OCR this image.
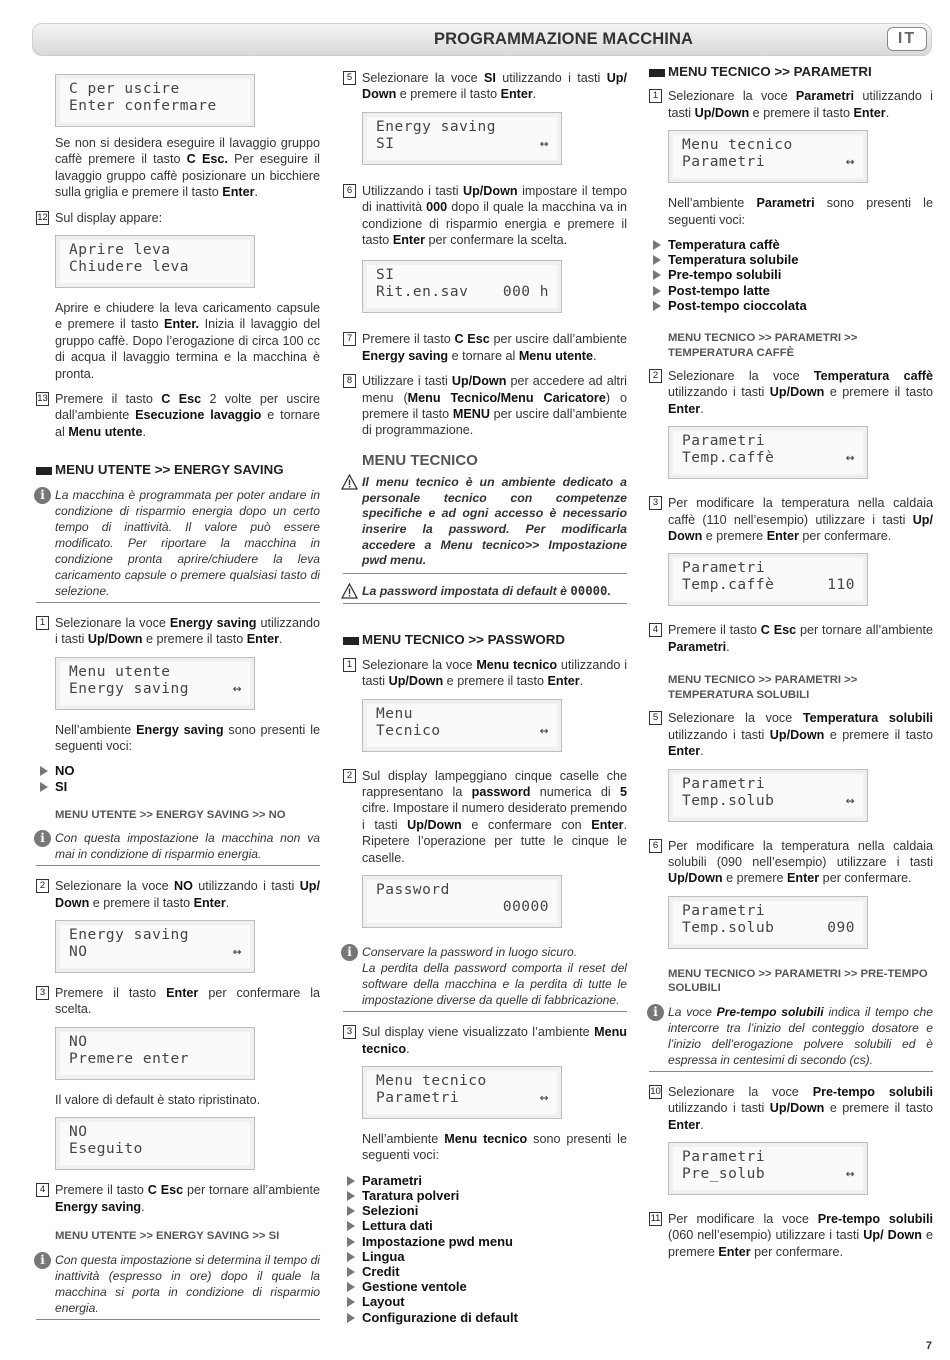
PROGRAMMAZIONE MACCHINA	IT
C per uscire
Enter confermare
Se non si desidera eseguire il lavaggio gruppo caffè premere il tasto C Esc. Per eseguire il lavaggio gruppo caffè posizionare un bicchiere sulla griglia e premere il tasto Enter.
12 Sul display appare:
Aprire leva
Chiudere leva
Aprire e chiudere la leva caricamento capsule e premere il tasto Enter. Inizia il lavaggio del gruppo caffè. Dopo l’erogazione di circa 100 cc di acqua il lavaggio termina e la macchina è pronta.
13 Premere il tasto C Esc 2 volte per uscire dall’ambiente Esecuzione lavaggio e tornare al Menu utente.
MENU UTENTE >> ENERGY SAVING
i La macchina è programmata per poter andare in condizione di risparmio energia dopo un certo tempo di inattività. Il valore può essere modificato. Per riportare la macchina in condizione pronta aprire/chiudere la leva caricamento capsule o premere qualsiasi tasto di selezione.
1 Selezionare la voce Energy saving utilizzando i tasti Up/Down e premere il tasto Enter.
Menu utente
Energy saving	↔
Nell’ambiente Energy saving sono presenti le seguenti voci:
NO
SI
MENU UTENTE >> ENERGY SAVING >> NO
i Con questa impostazione la macchina non va mai in condizione di risparmio energia.
2 Selezionare la voce NO utilizzando i tasti Up/ Down e premere il tasto Enter.
Energy saving
NO	↔
3 Premere il tasto Enter per confermare la scelta.
NO
Premere enter
Il valore di default è stato ripristinato.
NO
Eseguito
4 Premere il tasto C Esc per tornare all’ambiente Energy saving.
MENU UTENTE >> ENERGY SAVING >> SI
i Con questa impostazione si determina il tempo di inattività (espresso in ore) dopo il quale la macchina si porta in condizione di risparmio energia.
5 Selezionare la voce SI utilizzando i tasti Up/ Down e premere il tasto Enter.
Energy saving
SI	↔
6 Utilizzando i tasti Up/Down impostare il tempo di inattività 000 dopo il quale la macchina va in condizione di risparmio energia e premere il tasto Enter per confermare la scelta.
SI
Rit.en.sav 000 h
7 Premere il tasto C Esc per uscire dall’ambiente Energy saving e tornare al Menu utente.
8 Utilizzare i tasti Up/Down per accedere ad altri menu (Menu Tecnico/Menu Caricatore) o premere il tasto MENU per uscire dall’ambiente di programmazione.
MENU TECNICO
Il menu tecnico è un ambiente dedicato a personale tecnico con competenze specifiche e ad ogni accesso è necessario inserire la password. Per modificarla accedere a Menu tecnico>> Impostazione pwd menu.
La password impostata di default è 00000.
MENU TECNICO >> PASSWORD
1 Selezionare la voce Menu tecnico utilizzando i tasti Up/Down e premere il tasto Enter.
Menu
Tecnico	↔
2 Sul display lampeggiano cinque caselle che rappresentano la password numerica di 5 cifre. Impostare il numero desiderato premendo i tasti Up/Down e confermare con Enter. Ripetere l’operazione per tutte le cinque le caselle.
Password
00000
i Conservare la password in luogo sicuro.
La perdita della password comporta il reset del software della macchina e la perdita di tutte le impostazione diverse da quelle di fabbricazione.
3 Sul display viene visualizzato l’ambiente Menu tecnico.
Menu tecnico
Parametri	↔
Nell’ambiente Menu tecnico sono presenti le seguenti voci:
Parametri
Taratura polveri
Selezioni
Lettura dati
Impostazione pwd menu
Lingua
Credit
Gestione ventole
Layout
Configurazione di default
MENU TECNICO >> PARAMETRI
1 Selezionare la voce Parametri utilizzando i tasti Up/Down e premere il tasto Enter.
Menu tecnico
Parametri	↔
Nell’ambiente Parametri sono presenti le seguenti voci:
Temperatura caffè
Temperatura solubile
Pre-tempo solubili
Post-tempo latte
Post-tempo cioccolata
MENU TECNICO >> PARAMETRI >> TEMPERATURA CAFFÈ
2 Selezionare la voce Temperatura caffè utilizzando i tasti Up/Down e premere il tasto Enter.
Parametri
Temp.caffè	↔
3 Per modificare la temperatura nella caldaia caffè (110 nell’esempio) utilizzare i tasti Up/ Down e premere Enter per confermare.
Parametri
Temp.caffè	110
4 Premere il tasto C Esc per tornare all’ambiente Parametri.
MENU TECNICO >> PARAMETRI >> TEMPERATURA SOLUBILI
5 Selezionare la voce Temperatura solubili utilizzando i tasti Up/Down e premere il tasto Enter.
Parametri
Temp.solub	↔
6 Per modificare la temperatura nella caldaia solubili (090 nell’esempio) utilizzare i tasti Up/Down e premere Enter per confermare.
Parametri
Temp.solub	090
MENU TECNICO >> PARAMETRI >> PRE-TEMPO SOLUBILI
i La voce Pre-tempo solubili indica il tempo che intercorre tra l’inizio del conteggio dosatore e l’inizio dell’erogazione polvere solubili ed è espressa in centesimi di secondo (cs).
10 Selezionare la voce Pre-tempo solubili utilizzando i tasti Up/Down e premere il tasto Enter.
Parametri
Pre_solub	↔
11 Per modificare la voce Pre-tempo solubili (060 nell’esempio) utilizzare i tasti Up/ Down e premere Enter per confermare.
7
